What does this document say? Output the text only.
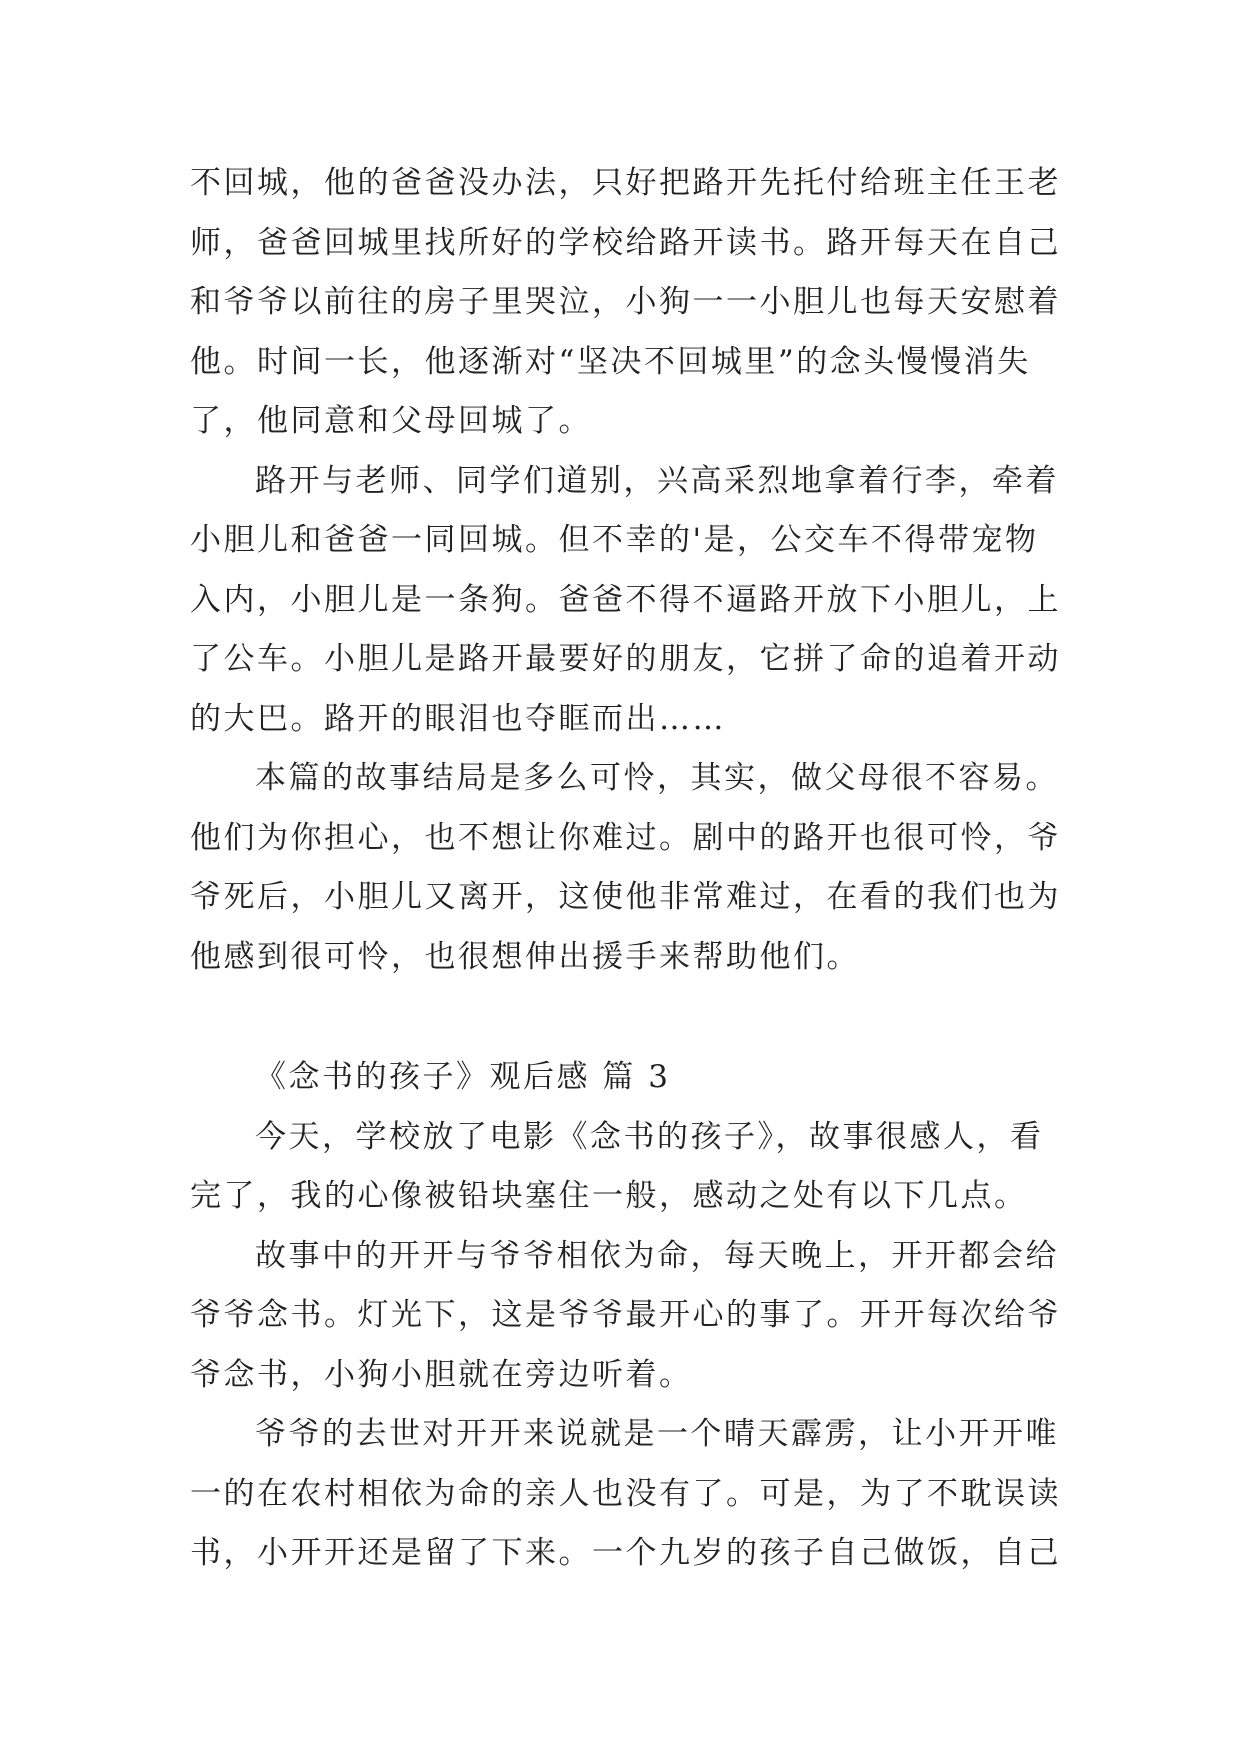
不回城，他的爸爸没办法，只好把路开先托付给班主任王老
师，爸爸回城里找所好的学校给路开读书。路开每天在自己
和爷爷以前往的房子里哭泣，小狗一一小胆儿也每天安慰着
他。时间一长，他逐渐对“坚决不回城里”的念头慢慢消失
了，他同意和父母回城了。
路开与老师、同学们道别，兴高采烈地拿着行李，牵着
小胆儿和爸爸一同回城。但不幸的'是，公交车不得带宠物
入内，小胆儿是一条狗。爸爸不得不逼路开放下小胆儿，上
了公车。小胆儿是路开最要好的朋友，它拼了命的追着开动
的大巴。路开的眼泪也夺眶而出……
本篇的故事结局是多么可怜，其实，做父母很不容易。
他们为你担心，也不想让你难过。剧中的路开也很可怜，爷
爷死后，小胆儿又离开，这使他非常难过，在看的我们也为
他感到很可怜，也很想伸出援手来帮助他们。
《念书的孩子》观后感 篇 3
今天，学校放了电影《念书的孩子》，故事很感人，看
完了，我的心像被铅块塞住一般，感动之处有以下几点。
故事中的开开与爷爷相依为命，每天晚上，开开都会给
爷爷念书。灯光下，这是爷爷最开心的事了。开开每次给爷
爷念书，小狗小胆就在旁边听着。
爷爷的去世对开开来说就是一个晴天霹雳，让小开开唯
一的在农村相依为命的亲人也没有了。可是，为了不耽误读
书，小开开还是留了下来。一个九岁的孩子自己做饭，自己
